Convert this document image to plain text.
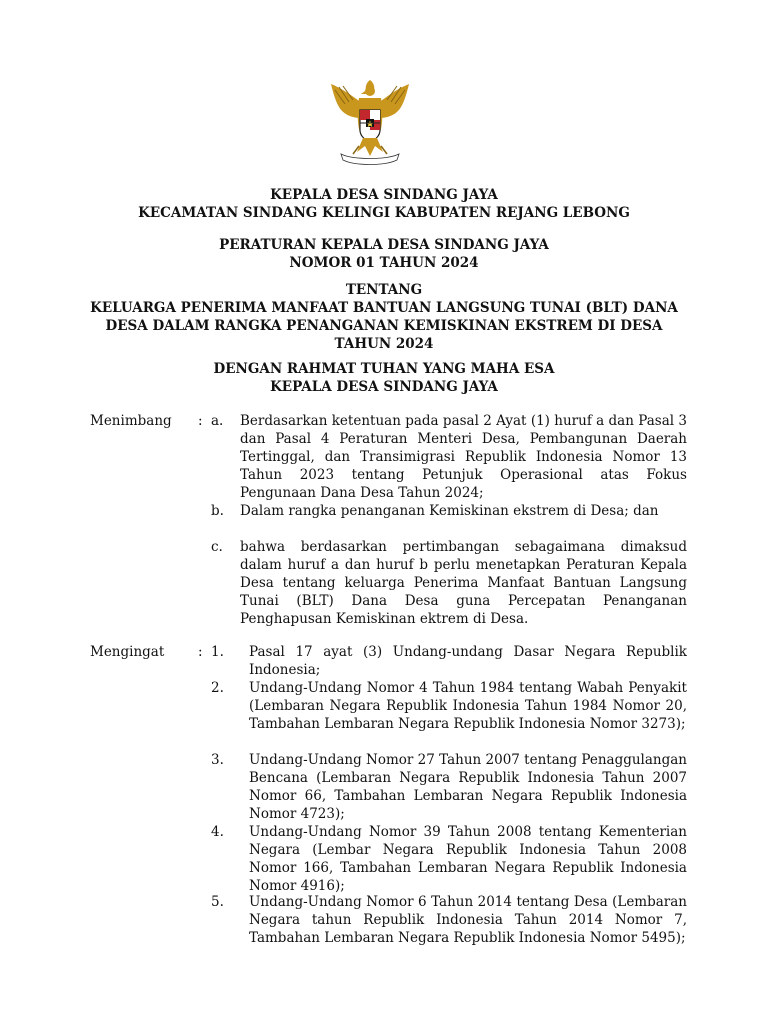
KEPALA DESA SINDANG JAYA
KECAMATAN SINDANG KELINGI KABUPATEN REJANG LEBONG
PERATURAN KEPALA DESA SINDANG JAYA
NOMOR 01 TAHUN 2024
TENTANG
KELUARGA PENERIMA MANFAAT BANTUAN LANGSUNG TUNAI (BLT) DANA
DESA DALAM RANGKA PENANGANAN KEMISKINAN EKSTREM DI DESA
TAHUN 2024
DENGAN RAHMAT TUHAN YANG MAHA ESA
KEPALA DESA SINDANG JAYA
Menimbang : a. Berdasarkan ketentuan pada pasal 2 Ayat (1) huruf a dan Pasal 3 dan Pasal 4 Peraturan Menteri Desa, Pembangunan Daerah Tertinggal, dan Transimigrasi Republik Indonesia Nomor 13 Tahun 2023 tentang Petunjuk Operasional atas Fokus Pengunaan Dana Desa Tahun 2024;
b. Dalam rangka penanganan Kemiskinan ekstrem di Desa; dan
c. bahwa berdasarkan pertimbangan sebagaimana dimaksud dalam huruf a dan huruf b perlu menetapkan Peraturan Kepala Desa tentang keluarga Penerima Manfaat Bantuan Langsung Tunai (BLT) Dana Desa guna Percepatan Penanganan Penghapusan Kemiskinan ektrem di Desa.
Mengingat : 1. Pasal 17 ayat (3) Undang-undang Dasar Negara Republik Indonesia;
2. Undang-Undang Nomor 4 Tahun 1984 tentang Wabah Penyakit (Lembaran Negara Republik Indonesia Tahun 1984 Nomor 20, Tambahan Lembaran Negara Republik Indonesia Nomor 3273);
3. Undang-Undang Nomor 27 Tahun 2007 tentang Penaggulangan Bencana (Lembaran Negara Republik Indonesia Tahun 2007 Nomor 66, Tambahan Lembaran Negara Republik Indonesia Nomor 4723);
4. Undang-Undang Nomor 39 Tahun 2008 tentang Kementerian Negara (Lembar Negara Republik Indonesia Tahun 2008 Nomor 166, Tambahan Lembaran Negara Republik Indonesia Nomor 4916);
5. Undang-Undang Nomor 6 Tahun 2014 tentang Desa (Lembaran Negara tahun Republik Indonesia Tahun 2014 Nomor 7, Tambahan Lembaran Negara Republik Indonesia Nomor 5495);
